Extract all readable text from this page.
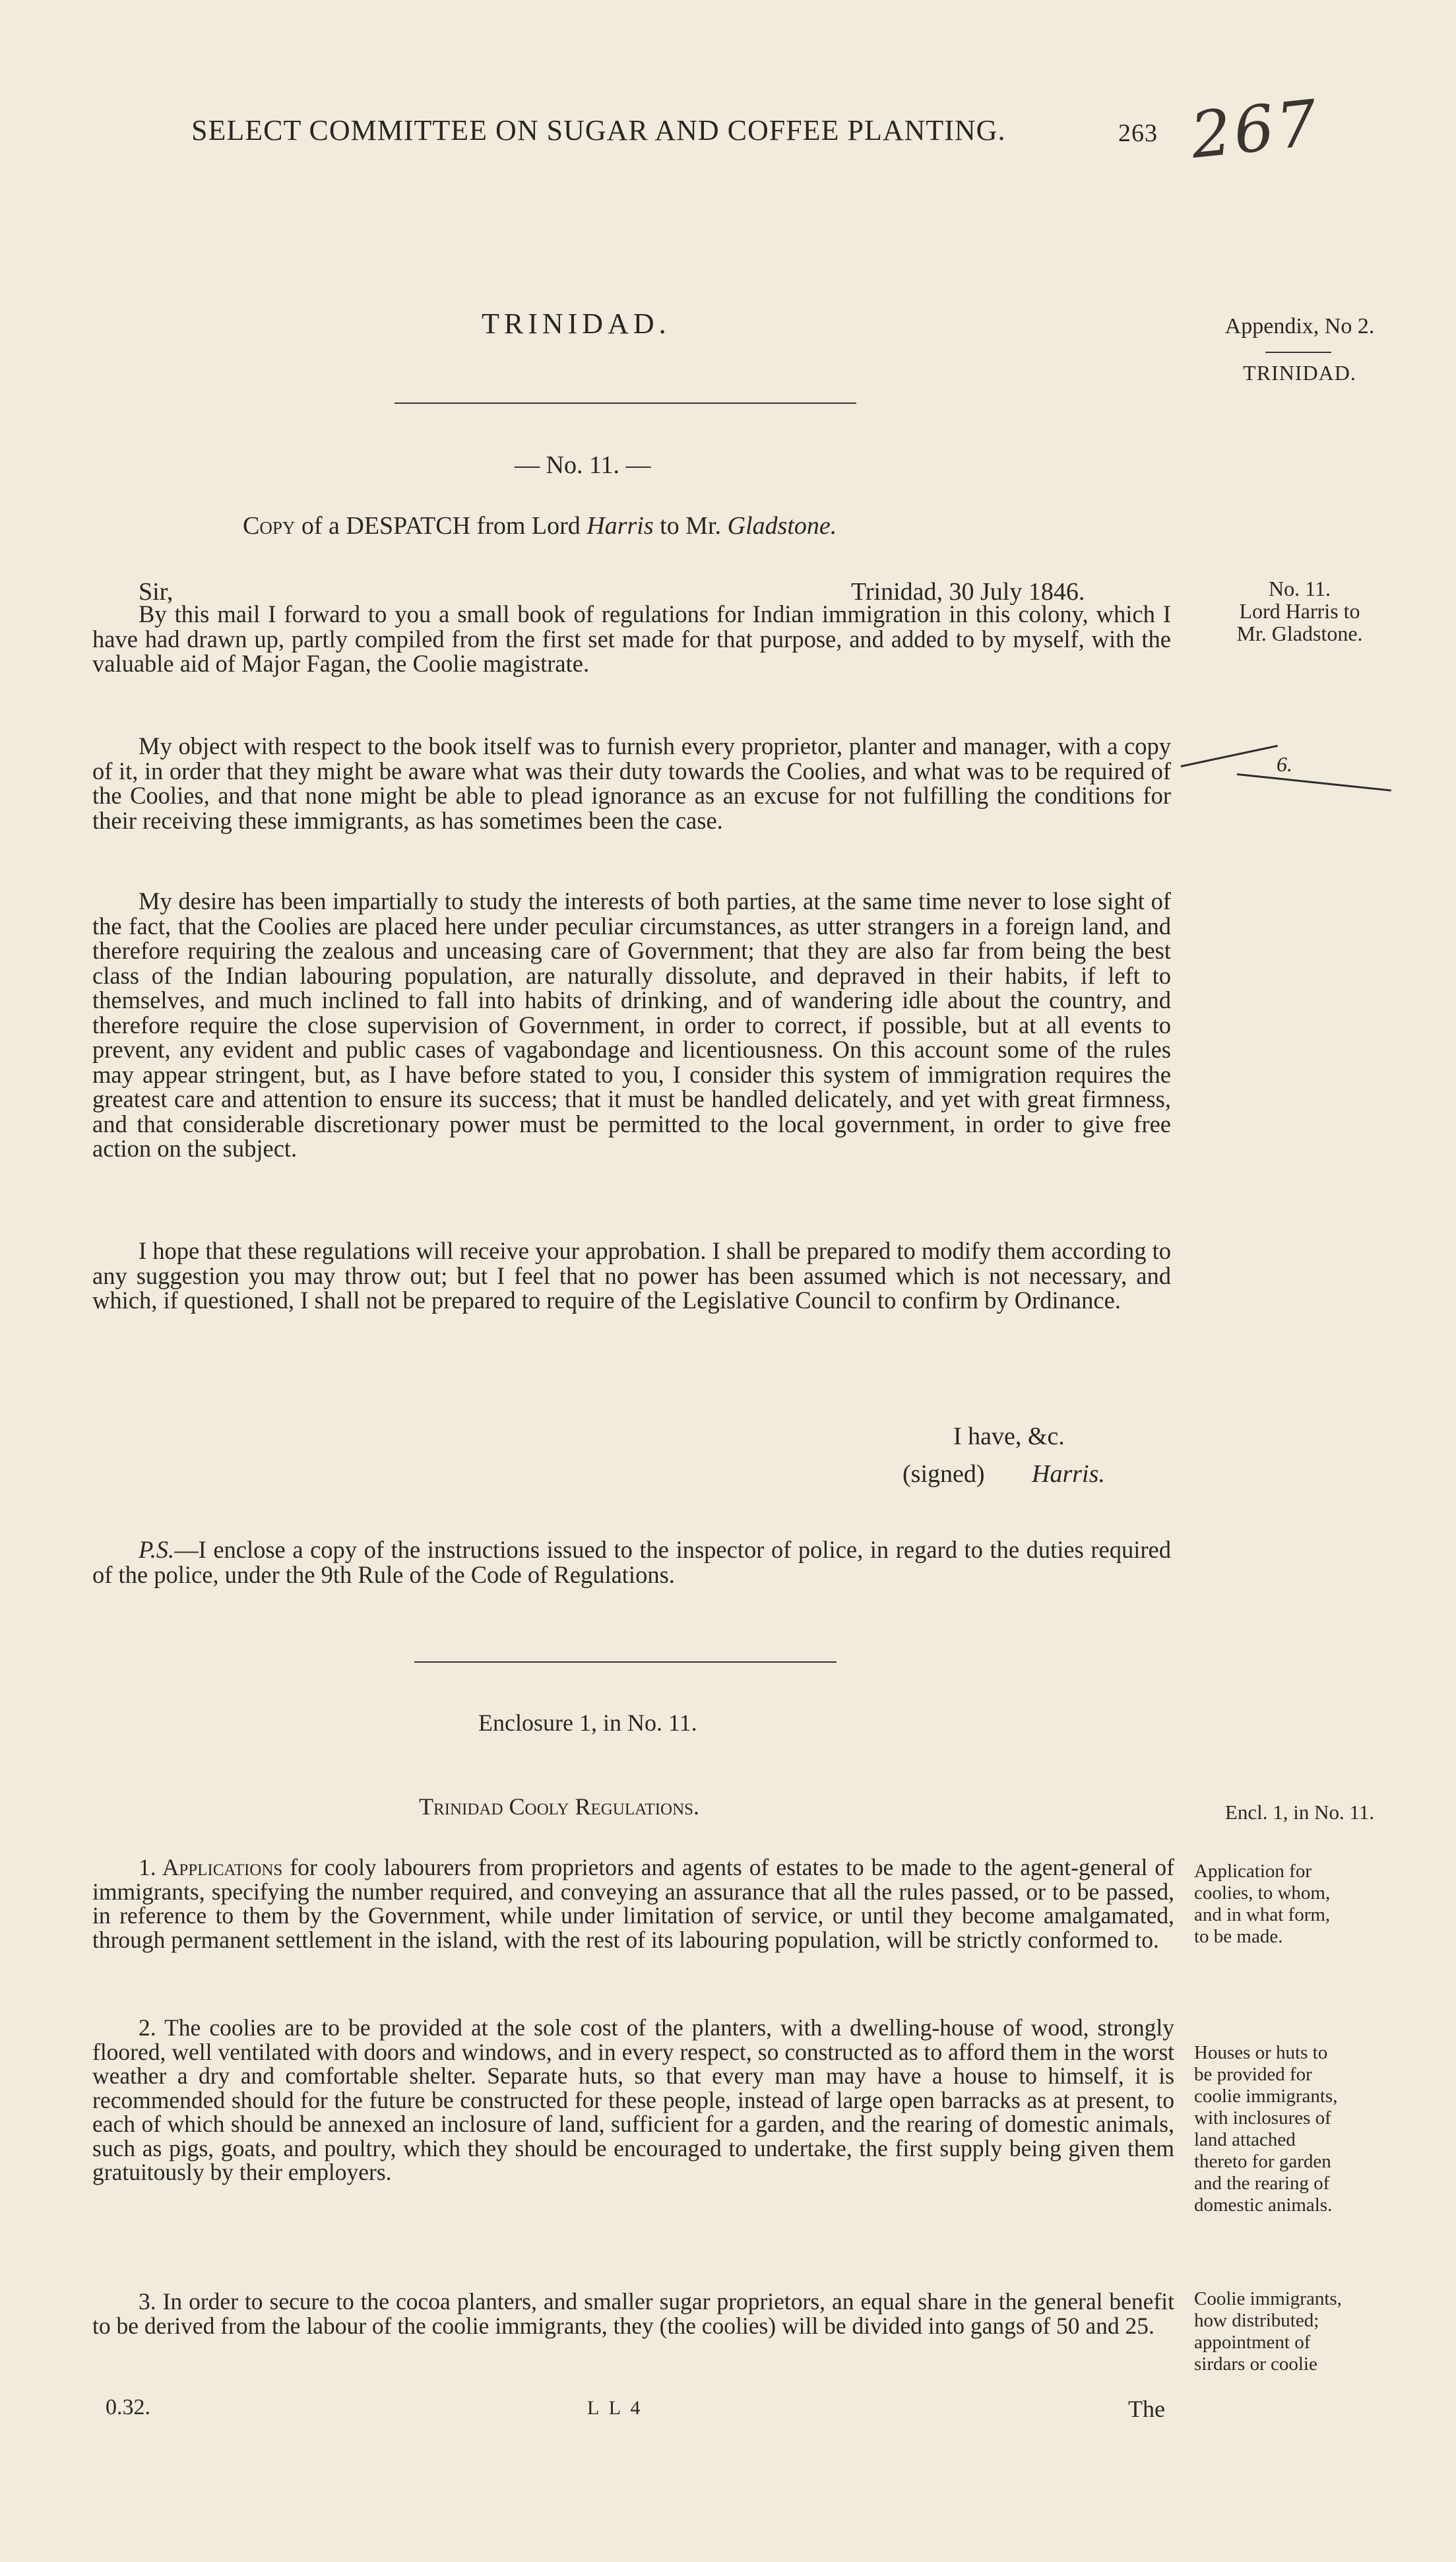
SELECT COMMITTEE ON SUGAR AND COFFEE PLANTING.	263 267
TRINIDAD.
— No. 11. —
Copy of a DESPATCH from Lord Harris to Mr. Gladstone.
Sir,	Trinidad, 30 July 1846.

By this mail I forward to you a small book of regulations for Indian immigration in this colony, which I have had drawn up, partly compiled from the first set made for that purpose, and added to by myself, with the valuable aid of Major Fagan, the Coolie magistrate.

My object with respect to the book itself was to furnish every proprietor, planter and manager, with a copy of it, in order that they might be aware what was their duty towards the Coolies, and what was to be required of the Coolies, and that none might be able to plead ignorance as an excuse for not fulfilling the conditions for their receiving these immigrants, as has sometimes been the case.

My desire has been impartially to study the interests of both parties, at the same time never to lose sight of the fact, that the Coolies are placed here under peculiar circumstances, as utter strangers in a foreign land, and therefore requiring the zealous and unceasing care of Government; that they are also far from being the best class of the Indian labouring population, are naturally dissolute, and depraved in their habits, if left to themselves, and much inclined to fall into habits of drinking, and of wandering idle about the country, and therefore require the close supervision of Government, in order to correct, if possible, but at all events to prevent, any evident and public cases of vagabondage and licentiousness. On this account some of the rules may appear stringent, but, as I have before stated to you, I consider this system of immigration requires the greatest care and attention to ensure its success; that it must be handled delicately, and yet with great firmness, and that considerable discretionary power must be permitted to the local government, in order to give free action on the subject.

I hope that these regulations will receive your approbation. I shall be prepared to modify them according to any suggestion you may throw out; but I feel that no power has been assumed which is not necessary, and which, if questioned, I shall not be prepared to require of the Legislative Council to confirm by Ordinance.

I have, &c.
(signed) Harris.

P.S.—I enclose a copy of the instructions issued to the inspector of police, in regard to the duties required of the police, under the 9th Rule of the Code of Regulations.

Enclosure 1, in No. 11.
Trinidad Cooly Regulations.

1. Applications for cooly labourers from proprietors and agents of estates to be made to the agent-general of immigrants, specifying the number required, and conveying an assurance that all the rules passed, or to be passed, in reference to them by the Government, while under limitation of service, or until they become amalgamated, through permanent settlement in the island, with the rest of its labouring population, will be strictly conformed to.

2. The coolies are to be provided at the sole cost of the planters, with a dwelling-house of wood, strongly floored, well ventilated with doors and windows, and in every respect, so constructed as to afford them in the worst weather a dry and comfortable shelter. Separate huts, so that every man may have a house to himself, it is recommended should for the future be constructed for these people, instead of large open barracks as at present, to each of which should be annexed an inclosure of land, sufficient for a garden, and the rearing of domestic animals, such as pigs, goats, and poultry, which they should be encouraged to undertake, the first supply being given them gratuitously by their employers.

3. In order to secure to the cocoa planters, and smaller sugar proprietors, an equal share in the general benefit to be derived from the labour of the coolie immigrants, they (the coolies) will be divided into gangs of 50 and 25.

0.32.	L L 4	The
Appendix, No 2.
TRINIDAD.
No. 11.
Lord Harris to
Mr. Gladstone.
6.
Encl. 1, in No. 11.
Application for
coolies, to whom,
and in what form,
to be made.
Houses or huts to
be provided for
coolie immigrants,
with inclosures of
land attached
thereto for garden
and the rearing of
domestic animals.
Coolie immigrants,
how distributed;
appointment of
sirdars or coolie
